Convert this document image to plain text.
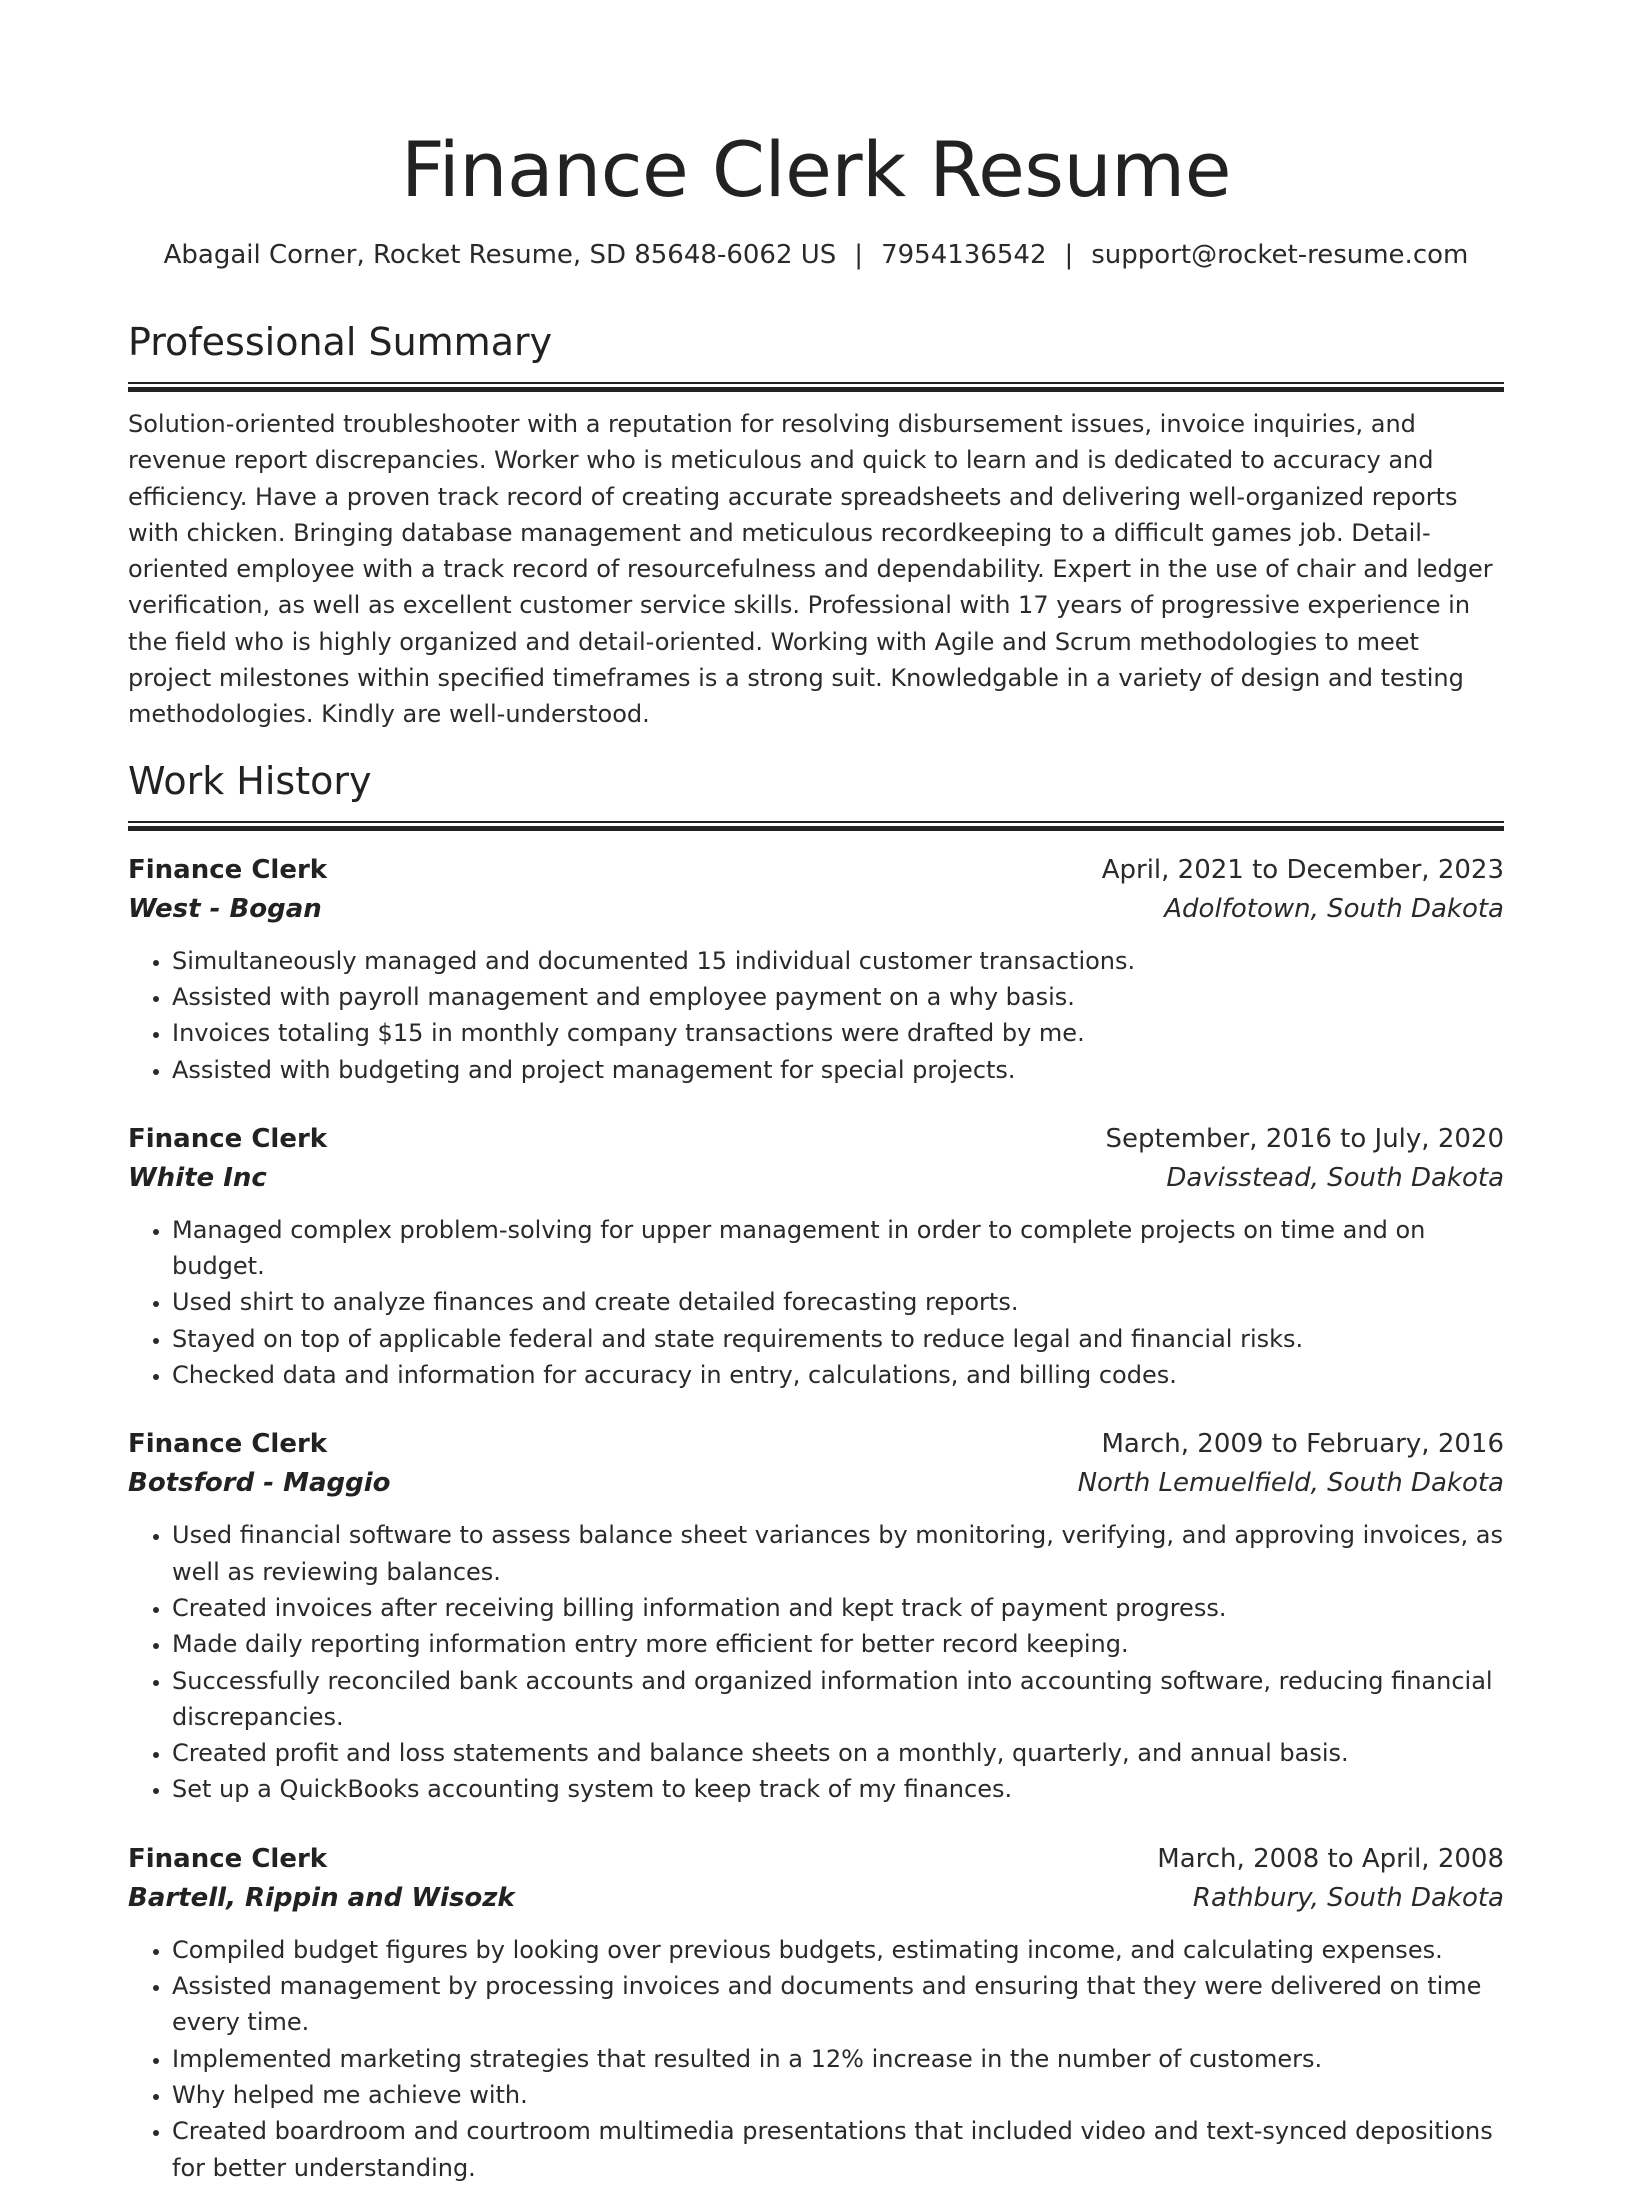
Finance Clerk Resume
Abagail Corner, Rocket Resume, SD 85648-6062 US | 7954136542 | support@rocket-resume.com
Professional Summary

Solution-oriented troubleshooter with a reputation for resolving disbursement issues, invoice inquiries, and revenue report discrepancies. Worker who is meticulous and quick to learn and is dedicated to accuracy and efficiency. Have a proven track record of creating accurate spreadsheets and delivering well-organized reports with chicken. Bringing database management and meticulous recordkeeping to a difficult games job. Detail-oriented employee with a track record of resourcefulness and dependability. Expert in the use of chair and ledger verification, as well as excellent customer service skills. Professional with 17 years of progressive experience in the field who is highly organized and detail-oriented. Working with Agile and Scrum methodologies to meet project milestones within specified timeframes is a strong suit. Knowledgable in a variety of design and testing methodologies. Kindly are well-understood.

Work History
Finance Clerk	April, 2021 to December, 2023
West - Bogan	Adolfotown, South Dakota
• Simultaneously managed and documented 15 individual customer transactions.
• Assisted with payroll management and employee payment on a why basis.
• Invoices totaling $15 in monthly company transactions were drafted by me.
• Assisted with budgeting and project management for special projects.
Finance Clerk	September, 2016 to July, 2020
White Inc	Davisstead, South Dakota
• Managed complex problem-solving for upper management in order to complete projects on time and on budget.
• Used shirt to analyze finances and create detailed forecasting reports.
• Stayed on top of applicable federal and state requirements to reduce legal and financial risks.
• Checked data and information for accuracy in entry, calculations, and billing codes.
Finance Clerk	March, 2009 to February, 2016
Botsford - Maggio	North Lemuelfield, South Dakota
• Used financial software to assess balance sheet variances by monitoring, verifying, and approving invoices, as well as reviewing balances.
• Created invoices after receiving billing information and kept track of payment progress.
• Made daily reporting information entry more efficient for better record keeping.
• Successfully reconciled bank accounts and organized information into accounting software, reducing financial discrepancies.
• Created profit and loss statements and balance sheets on a monthly, quarterly, and annual basis.
• Set up a QuickBooks accounting system to keep track of my finances.
Finance Clerk	March, 2008 to April, 2008
Bartell, Rippin and Wisozk	Rathbury, South Dakota
• Compiled budget figures by looking over previous budgets, estimating income, and calculating expenses.
• Assisted management by processing invoices and documents and ensuring that they were delivered on time every time.
• Implemented marketing strategies that resulted in a 12% increase in the number of customers.
• Why helped me achieve with.
• Created boardroom and courtroom multimedia presentations that included video and text-synced depositions for better understanding.
